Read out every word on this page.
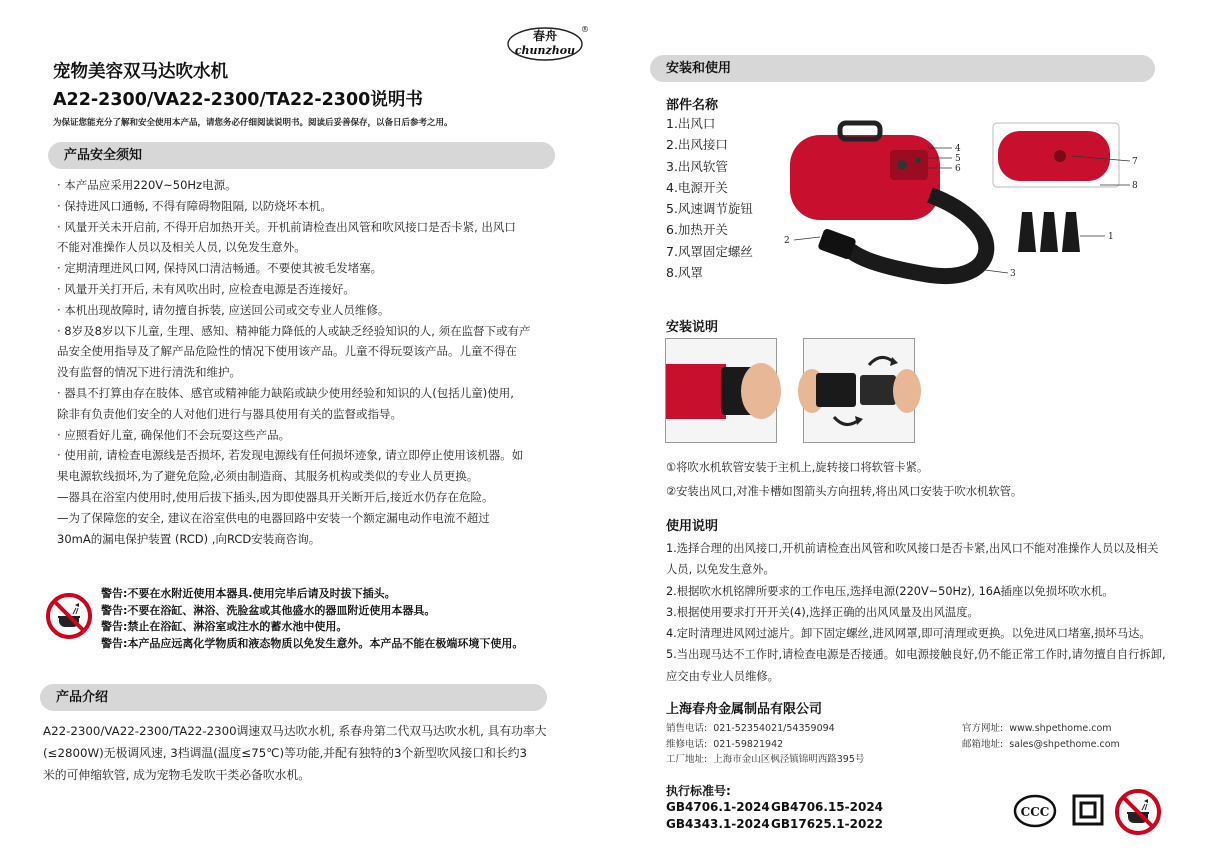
春舟
chunzhou
®
宠物美容双马达吹水机
A22-2300/VA22-2300/TA22-2300说明书
为保证您能充分了解和安全使用本产品，请您务必仔细阅读说明书。阅读后妥善保存，以备日后参考之用。
产品安全须知
· 本产品应采用220V~50Hz电源。
· 保持进风口通畅, 不得有障碍物阻隔, 以防烧坏本机。
· 风量开关未开启前, 不得开启加热开关。开机前请检查出风管和吹风接口是否卡紧, 出风口
不能对准操作人员以及相关人员, 以免发生意外。
· 定期清理进风口网, 保持风口清洁畅通。不要使其被毛发堵塞。
· 风量开关打开后, 未有风吹出时, 应检查电源是否连接好。
· 本机出现故障时, 请勿擅自拆装, 应送回公司或交专业人员维修。
· 8岁及8岁以下儿童, 生理、感知、精神能力降低的人或缺乏经验知识的人, 须在监督下或有产
品安全使用指导及了解产品危险性的情况下使用该产品。儿童不得玩耍该产品。儿童不得在
没有监督的情况下进行清洗和维护。
· 器具不打算由存在肢体、感官或精神能力缺陷或缺少使用经验和知识的人(包括儿童)使用,
除非有负责他们安全的人对他们进行与器具使用有关的监督或指导。
· 应照看好儿童, 确保他们不会玩耍这些产品。
· 使用前, 请检查电源线是否损坏, 若发现电源线有任何损坏迹象, 请立即停止使用该机器。如
果电源软线损坏,为了避免危险,必须由制造商、其服务机构或类似的专业人员更换。
—器具在浴室内使用时,使用后拔下插头,因为即使器具开关断开后,接近水仍存在危险。
—为了保障您的安全, 建议在浴室供电的电器回路中安装一个额定漏电动作电流不超过
30mA的漏电保护装置 (RCD) ,向RCD安装商咨询。
警告:不要在水附近使用本器具.使用完毕后请及时拔下插头。
警告:不要在浴缸、淋浴、洗脸盆或其他盛水的器皿附近使用本器具。
警告:禁止在浴缸、淋浴室或注水的蓄水池中使用。
警告:本产品应远离化学物质和液态物质以免发生意外。本产品不能在极端环境下使用。
产品介绍
A22-2300/VA22-2300/TA22-2300调速双马达吹水机, 系春舟第二代双马达吹水机, 具有功率大
(≤2800W)无极调风速, 3档调温(温度≤75℃)等功能,并配有独特的3个新型吹风接口和长约3
米的可伸缩软管, 成为宠物毛发吹干类必备吹水机。
安装和使用
部件名称
1.出风口
2.出风接口
3.出风软管
4.电源开关
5.风速调节旋钮
6.加热开关
7.风罩固定螺丝
8.风罩
4
5
6
2
3
7
8
1
安装说明
①将吹水机软管安装于主机上,旋转接口将软管卡紧。
②安装出风口,对准卡槽如图箭头方向扭转,将出风口安装于吹水机软管。
使用说明
1.选择合理的出风接口,开机前请检查出风管和吹风接口是否卡紧,出风口不能对准操作人员以及相关
人员, 以免发生意外。
2.根据吹水机铭牌所要求的工作电压,选择电源(220V~50Hz), 16A插座以免损坏吹水机。
3.根据使用要求打开开关(4),选择正确的出风风量及出风温度。
4.定时清理进风网过滤片。卸下固定螺丝,进风网罩,即可清理或更换。以免进风口堵塞,损坏马达。
5.当出现马达不工作时,请检查电源是否接通。如电源接触良好,仍不能正常工作时,请勿擅自自行拆卸,
应交由专业人员维修。
上海春舟金属制品有限公司
销售电话: 021-52354021/54359094
维修电话: 021-59821942
工厂地址: 上海市金山区枫泾镇锦明西路395号
官方网址: www.shpethome.com
邮箱地址: sales@shpethome.com
执行标准号:
GB4706.1-2024 GB4706.15-2024
GB4343.1-2024 GB17625.1-2022
CCC
